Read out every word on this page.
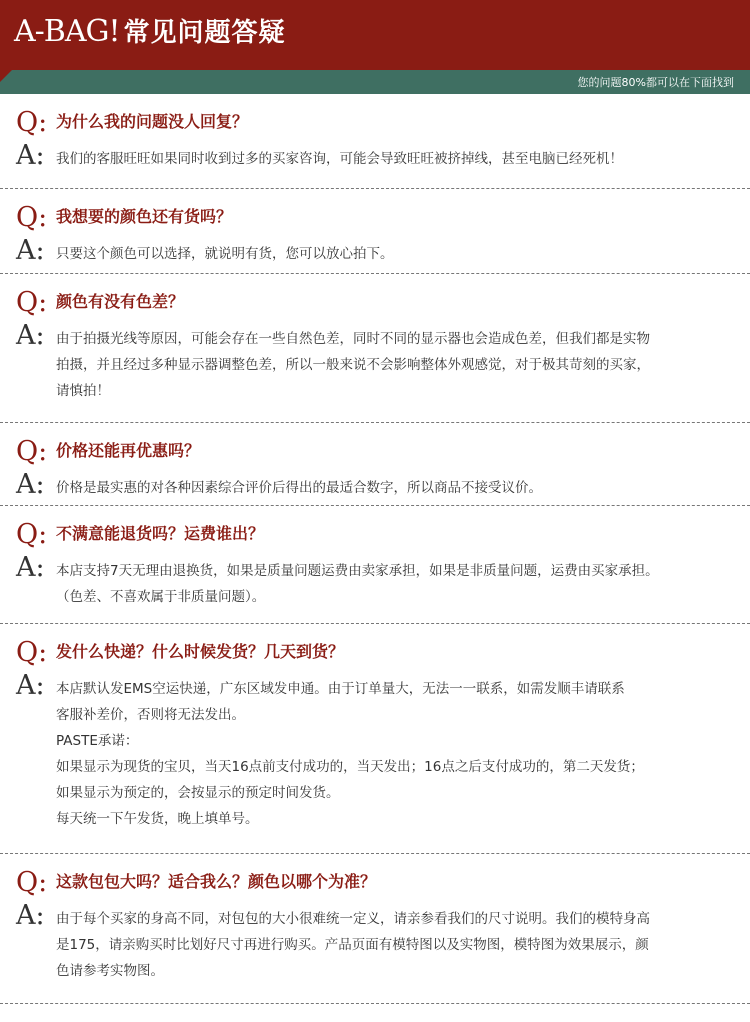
A-BAG! 常见问题答疑
您的问题80%都可以在下面找到
Q: 为什么我的问题没人回复？
A: 我们的客服旺旺如果同时收到过多的买家咨询，可能会导致旺旺被挤掉线，甚至电脑已经死机！

Q: 我想要的颜色还有货吗？
A: 只要这个颜色可以选择，就说明有货，您可以放心拍下。

Q: 颜色有没有色差？
A: 由于拍摄光线等原因，可能会存在一些自然色差，同时不同的显示器也会造成色差，但我们都是实物

拍摄，并且经过多种显示器调整色差，所以一般来说不会影响整体外观感觉，对于极其苛刻的买家，

请慎拍！

Q: 价格还能再优惠吗？
A: 价格是最实惠的对各种因素综合评价后得出的最适合数字，所以商品不接受议价。

Q: 不满意能退货吗？运费谁出？
A: 本店支持7天无理由退换货，如果是质量问题运费由卖家承担，如果是非质量问题，运费由买家承担。

（色差、不喜欢属于非质量问题）。

Q: 发什么快递？什么时候发货？几天到货？
A: 本店默认发EMS空运快递，广东区域发申通。由于订单量大，无法一一联系，如需发顺丰请联系

客服补差价，否则将无法发出。

PASTE承诺：

如果显示为现货的宝贝，当天16点前支付成功的，当天发出；16点之后支付成功的，第二天发货；

如果显示为预定的，会按显示的预定时间发货。

每天统一下午发货，晚上填单号。

Q: 这款包包大吗？适合我么？颜色以哪个为准？
A: 由于每个买家的身高不同，对包包的大小很难统一定义，请亲参看我们的尺寸说明。我们的模特身高

是175，请亲购买时比划好尺寸再进行购买。产品页面有模特图以及实物图，模特图为效果展示，颜

色请参考实物图。
